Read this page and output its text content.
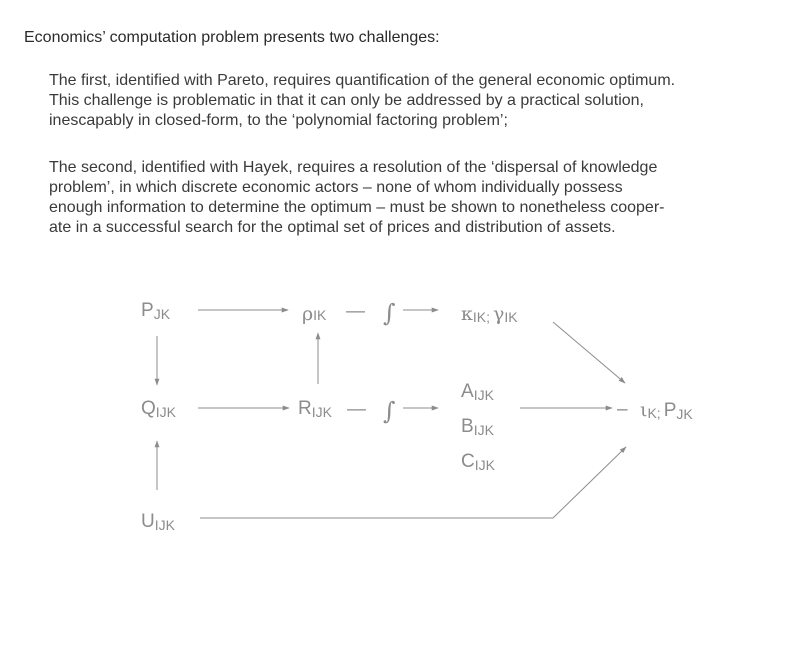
Economics’ computation problem presents two challenges:

The first, identified with Pareto, requires quantification of the general economic optimum.
This challenge is problematic in that it can only be addressed by a practical solution,
inescapably in closed-form, to the ‘polynomial factoring problem’;
The second, identified with Hayek, requires a resolution of the ‘dispersal of knowledge
problem’, in which discrete economic actors – none of whom individually possess
enough information to determine the optimum – must be shown to nonetheless cooper-
ate in a successful search for the optimal set of prices and distribution of assets.
PJK	ρIK	κIK; γIK
QIJK	RIJK
AIJK
BIJK
CIJK
– ιK; PJK
UIJK
— ∫
— ∫
